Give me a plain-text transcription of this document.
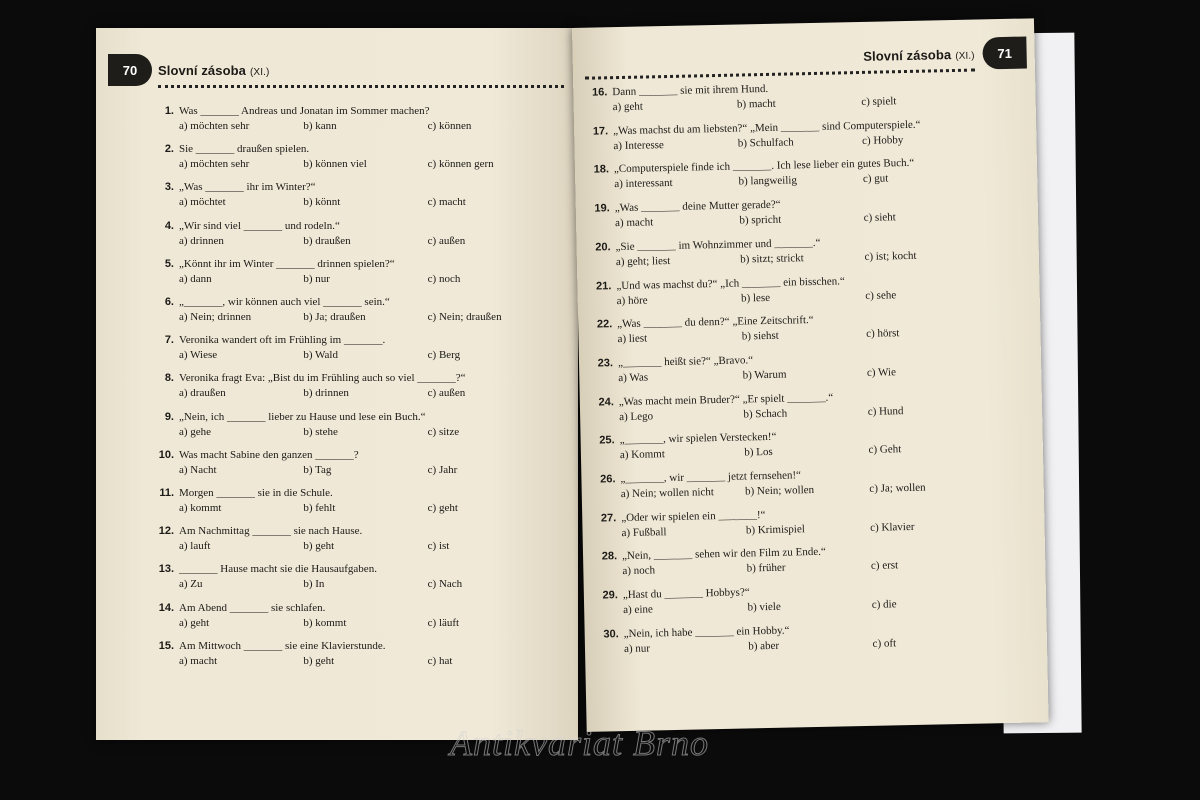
70	Slovní zásoba (XI.)
1. Was _______ Andreas und Jonatan im Sommer machen?
a) möchten sehr	b) kann	c) können
2. Sie _______ draußen spielen.
a) möchten sehr	b) können viel	c) können gern
3. „Was _______ ihr im Winter?“
a) möchtet	b) könnt	c) macht
4. „Wir sind viel _______ und rodeln.“
a) drinnen	b) draußen	c) außen
5. „Könnt ihr im Winter _______ drinnen spielen?“
a) dann	b) nur	c) noch
6. „_______, wir können auch viel _______ sein.“
a) Nein; drinnen	b) Ja; draußen	c) Nein; draußen
7. Veronika wandert oft im Frühling im _______.
a) Wiese	b) Wald	c) Berg
8. Veronika fragt Eva: „Bist du im Frühling auch so viel _______?“
a) draußen	b) drinnen	c) außen
9. „Nein, ich _______ lieber zu Hause und lese ein Buch.“
a) gehe	b) stehe	c) sitze
10. Was macht Sabine den ganzen _______?
a) Nacht	b) Tag	c) Jahr
11. Morgen _______ sie in die Schule.
a) kommt	b) fehlt	c) geht
12. Am Nachmittag _______ sie nach Hause.
a) lauft	b) geht	c) ist
13. _______ Hause macht sie die Hausaufgaben.
a) Zu	b) In	c) Nach
14. Am Abend _______ sie schlafen.
a) geht	b) kommt	c) läuft
15. Am Mittwoch _______ sie eine Klavierstunde.
a) macht	b) geht	c) hat
Slovní zásoba (XI.)	71
16. Dann _______ sie mit ihrem Hund.
a) geht	b) macht	c) spielt
17. „Was machst du am liebsten?“ „Mein _______ sind Computerspiele.“
a) Interesse	b) Schulfach	c) Hobby
18. „Computerspiele finde ich _______. Ich lese lieber ein gutes Buch.“
a) interessant	b) langweilig	c) gut
19. „Was _______ deine Mutter gerade?“
a) macht	b) spricht	c) sieht
20. „Sie _______ im Wohnzimmer und _______.“
a) geht; liest	b) sitzt; strickt	c) ist; kocht
21. „Und was machst du?“ „Ich _______ ein bisschen.“
a) höre	b) lese	c) sehe
22. „Was _______ du denn?“ „Eine Zeitschrift.“
a) liest	b) siehst	c) hörst
23. „_______ heißt sie?“ „Bravo.“
a) Was	b) Warum	c) Wie
24. „Was macht mein Bruder?“ „Er spielt _______.“
a) Lego	b) Schach	c) Hund
25. „_______, wir spielen Verstecken!“
a) Kommt	b) Los	c) Geht
26. „_______, wir _______ jetzt fernsehen!“
a) Nein; wollen nicht	b) Nein; wollen	c) Ja; wollen
27. „Oder wir spielen ein _______!“
a) Fußball	b) Krimispiel	c) Klavier
28. „Nein, _______ sehen wir den Film zu Ende.“
a) noch	b) früher	c) erst
29. „Hast du _______ Hobbys?“
a) eine	b) viele	c) die
30. „Nein, ich habe _______ ein Hobby.“
a) nur	b) aber	c) oft
Antikvariat Brno
